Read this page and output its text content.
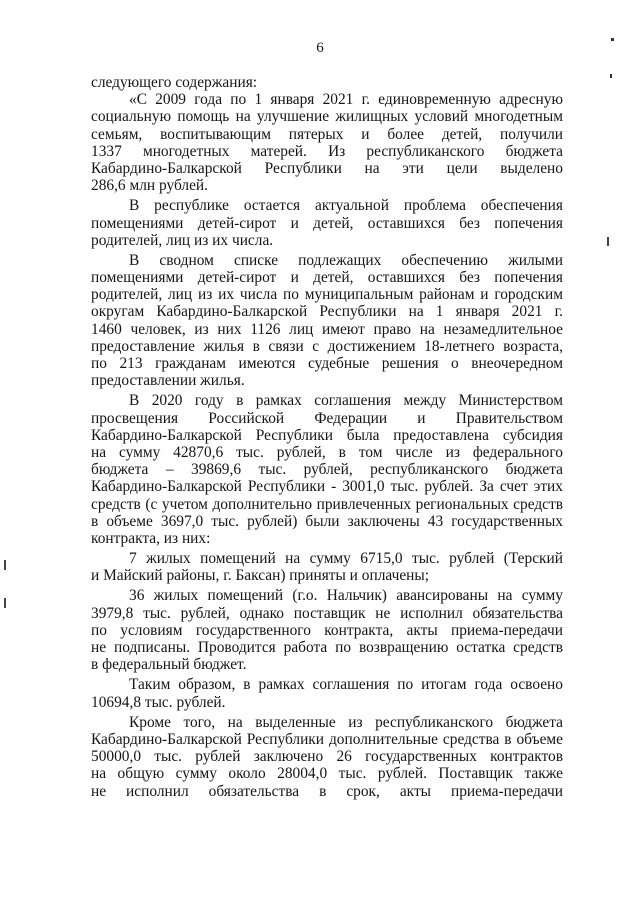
6
следующего содержания:
«С 2009 года по 1 января 2021 г. единовременную адресную
социальную помощь на улучшение жилищных условий многодетным
семьям, воспитывающим пятерых и более детей, получили
1337 многодетных матерей. Из республиканского бюджета
Кабардино-Балкарской Республики на эти цели выделено
286,6 млн рублей.
В республике остается актуальной проблема обеспечения
помещениями детей-сирот и детей, оставшихся без попечения
родителей, лиц из их числа.
В сводном списке подлежащих обеспечению жилыми
помещениями детей-сирот и детей, оставшихся без попечения
родителей, лиц из их числа по муниципальным районам и городским
округам Кабардино-Балкарской Республики на 1 января 2021 г.
1460 человек, из них 1126 лиц имеют право на незамедлительное
предоставление жилья в связи с достижением 18-летнего возраста,
по 213 гражданам имеются судебные решения о внеочередном
предоставлении жилья.
В 2020 году в рамках соглашения между Министерством
просвещения Российской Федерации и Правительством
Кабардино-Балкарской Республики была предоставлена субсидия
на сумму 42870,6 тыс. рублей, в том числе из федерального
бюджета – 39869,6 тыс. рублей, республиканского бюджета
Кабардино-Балкарской Республики - 3001,0 тыс. рублей. За счет этих
средств (с учетом дополнительно привлеченных региональных средств
в объеме 3697,0 тыс. рублей) были заключены 43 государственных
контракта, из них:
7 жилых помещений на сумму 6715,0 тыс. рублей (Терский
и Майский районы, г. Баксан) приняты и оплачены;
36 жилых помещений (г.о. Нальчик) авансированы на сумму
3979,8 тыс. рублей, однако поставщик не исполнил обязательства
по условиям государственного контракта, акты приема-передачи
не подписаны. Проводится работа по возвращению остатка средств
в федеральный бюджет.
Таким образом, в рамках соглашения по итогам года освоено
10694,8 тыс. рублей.
Кроме того, на выделенные из республиканского бюджета
Кабардино-Балкарской Республики дополнительные средства в объеме
50000,0 тыс. рублей заключено 26 государственных контрактов
на общую сумму около 28004,0 тыс. рублей. Поставщик также
не исполнил обязательства в срок, акты приема-передачи
